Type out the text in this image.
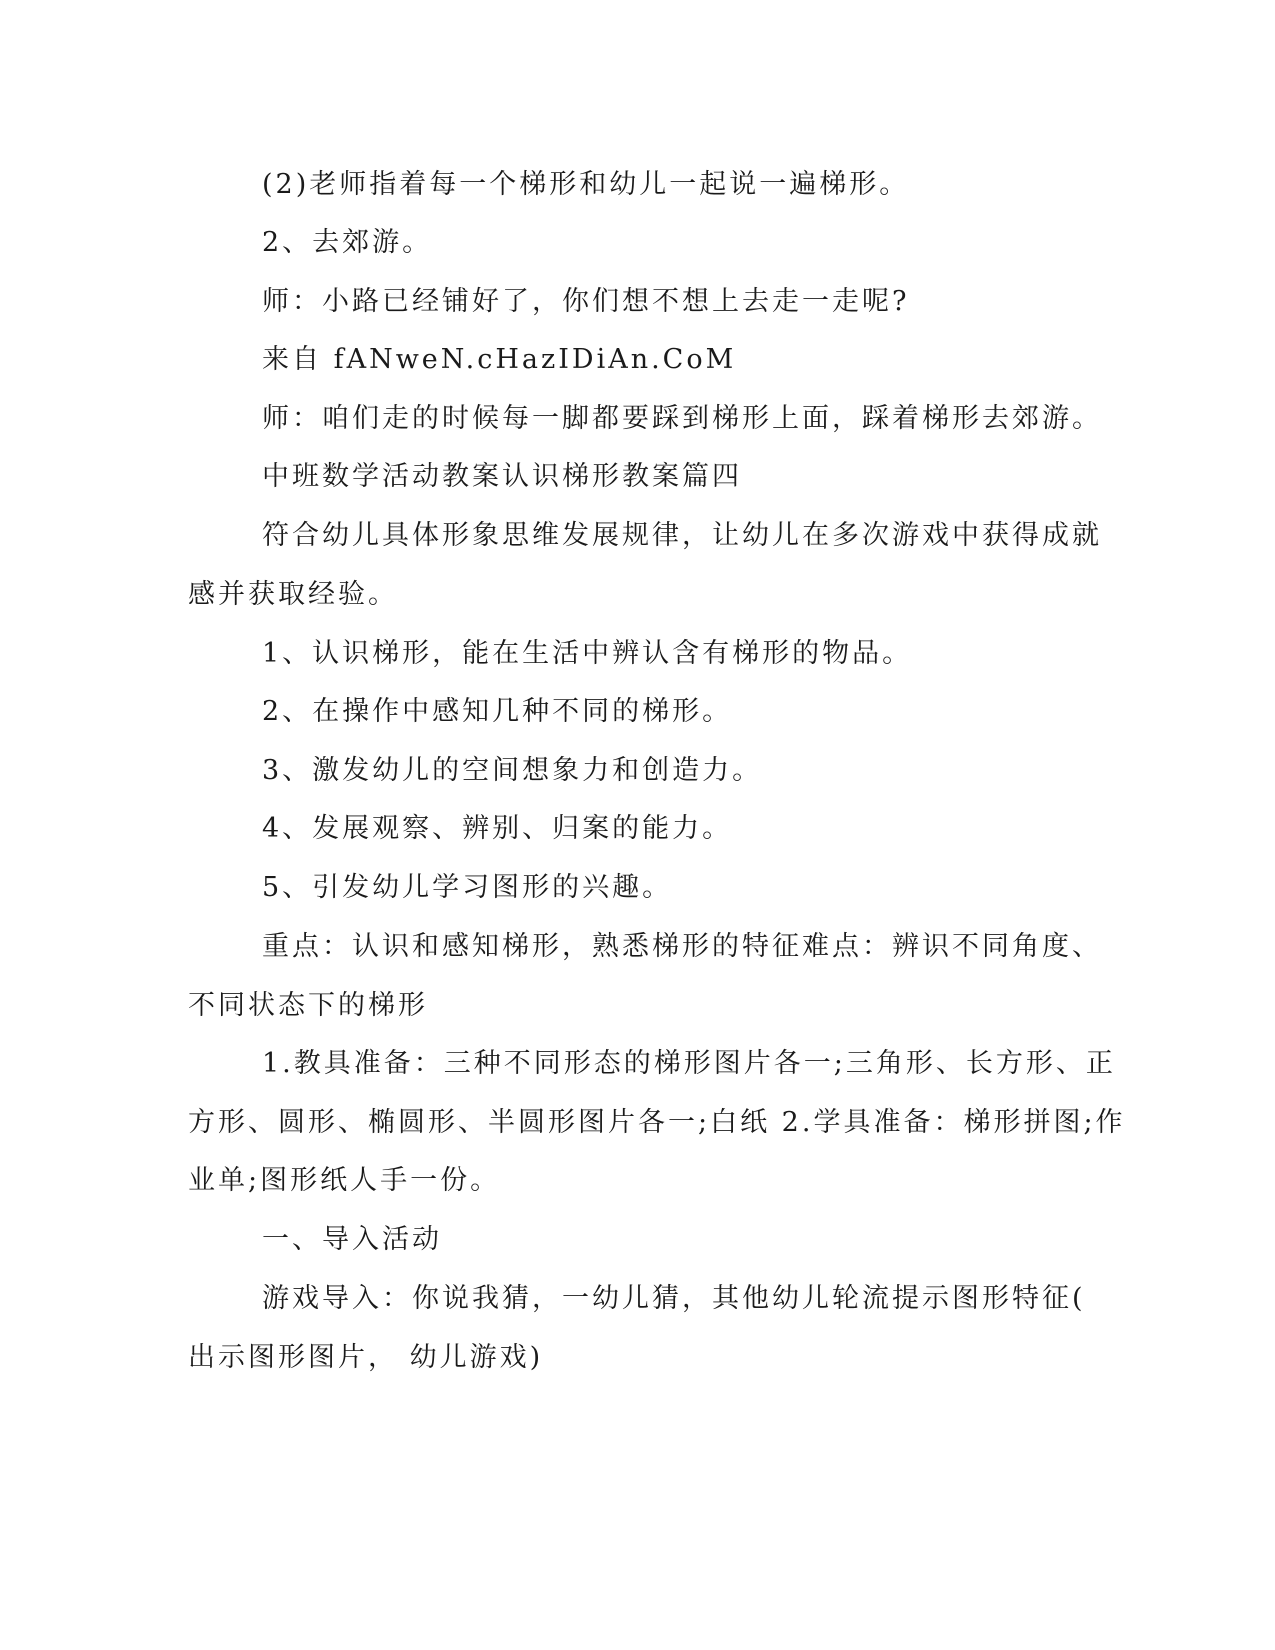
(2)老师指着每一个梯形和幼儿一起说一遍梯形。
2、去郊游。
师：小路已经铺好了，你们想不想上去走一走呢?
来自 fANweN.cHazIDiAn.CoM
师：咱们走的时候每一脚都要踩到梯形上面，踩着梯形去郊游。
中班数学活动教案认识梯形教案篇四
符合幼儿具体形象思维发展规律，让幼儿在多次游戏中获得成就
感并获取经验。
1、认识梯形，能在生活中辨认含有梯形的物品。
2、在操作中感知几种不同的梯形。
3、激发幼儿的空间想象力和创造力。
4、发展观察、辨别、归案的能力。
5、引发幼儿学习图形的兴趣。
重点：认识和感知梯形，熟悉梯形的特征难点：辨识不同角度、
不同状态下的梯形
1.教具准备：三种不同形态的梯形图片各一;三角形、长方形、正
方形、圆形、椭圆形、半圆形图片各一;白纸 2.学具准备：梯形拼图;作
业单;图形纸人手一份。
一、导入活动
游戏导入：你说我猜，一幼儿猜，其他幼儿轮流提示图形特征(
出示图形图片， 幼儿游戏)
